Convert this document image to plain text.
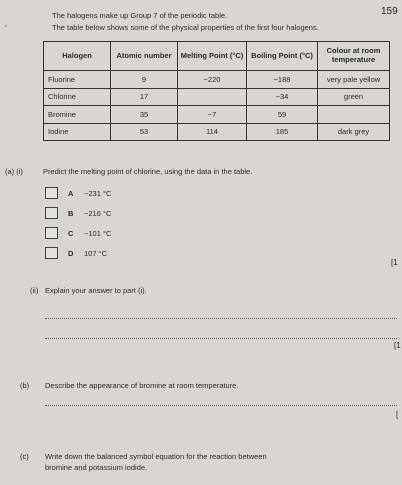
159
’
The halogens make up Group 7 of the periodic table.
The table below shows some of the physical properties of the first four halogens.
Halogen	Atomic number	Melting Point (°C)	Boiling Point (°C)	Colour at room temperature
Fluorine	9	−220	−188	very pale yellow
Chlorine	17		−34	green
Bromine	35	−7	59	
Iodine	53	114	185	dark grey
(a) (i)	Predict the melting point of chlorine, using the data in the table.
A	−231 °C
B	−216 °C
C	−101 °C
D	107 °C
[1
(ii) Explain your answer to part (i).
[1
(b) Describe the appearance of bromine at room temperature.
[
(c) Write down the balanced symbol equation for the reaction between
bromine and potassium iodide.
